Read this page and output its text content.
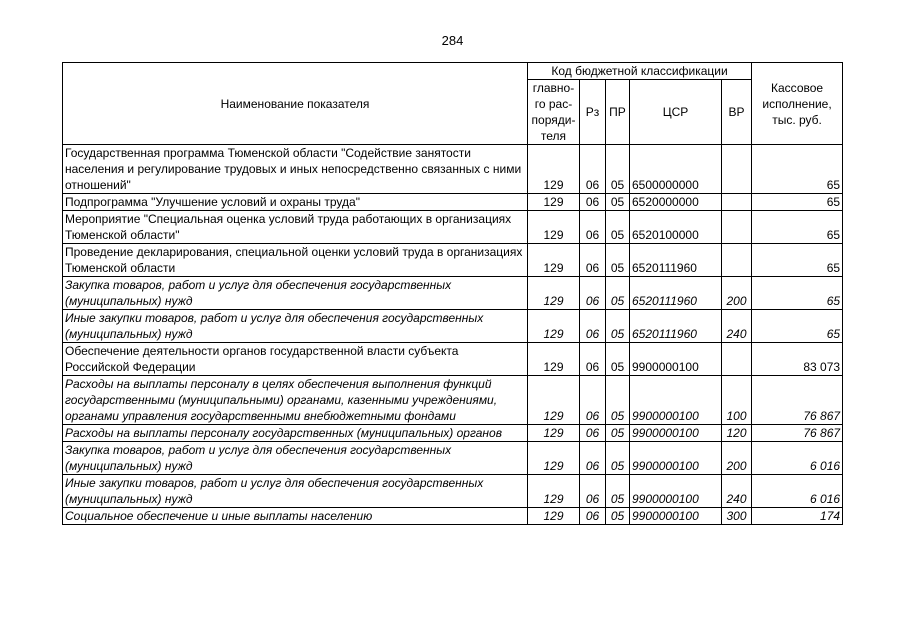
284
Наименование показателя	Код бюджетной классификации					Кассовое
исполнение,
тыс. руб.
	главно-
го рас-
поряди-
теля	Рз	ПР	ЦСР	ВР	
Государственная программа Тюменской области "Содействие занятости населения и регулирование трудовых и иных непосредственно связанных с ними отношений"	129	06	05	6500000000		65
Подпрограмма "Улучшение условий и охраны труда"	129	06	05	6520000000		65
Мероприятие "Специальная оценка условий труда работающих в организациях Тюменской области"	129	06	05	6520100000		65
Проведение декларирования, специальной оценки условий труда в организациях Тюменской области	129	06	05	6520111960		65
Закупка товаров, работ и услуг для обеспечения государственных (муниципальных) нужд	129	06	05	6520111960	200	65
Иные закупки товаров, работ и услуг для обеспечения государственных (муниципальных) нужд	129	06	05	6520111960	240	65
Обеспечение деятельности органов государственной власти субъекта Российской Федерации	129	06	05	9900000100		83 073
Расходы на выплаты персоналу в целях обеспечения выполнения функций государственными (муниципальными) органами, казенными учреждениями, органами управления государственными внебюджетными фондами	129	06	05	9900000100	100	76 867
Расходы на выплаты персоналу государственных (муниципальных) органов	129	06	05	9900000100	120	76 867
Закупка товаров, работ и услуг для обеспечения государственных (муниципальных) нужд	129	06	05	9900000100	200	6 016
Иные закупки товаров, работ и услуг для обеспечения государственных (муниципальных) нужд	129	06	05	9900000100	240	6 016
Социальное обеспечение и иные выплаты населению	129	06	05	9900000100	300	174
